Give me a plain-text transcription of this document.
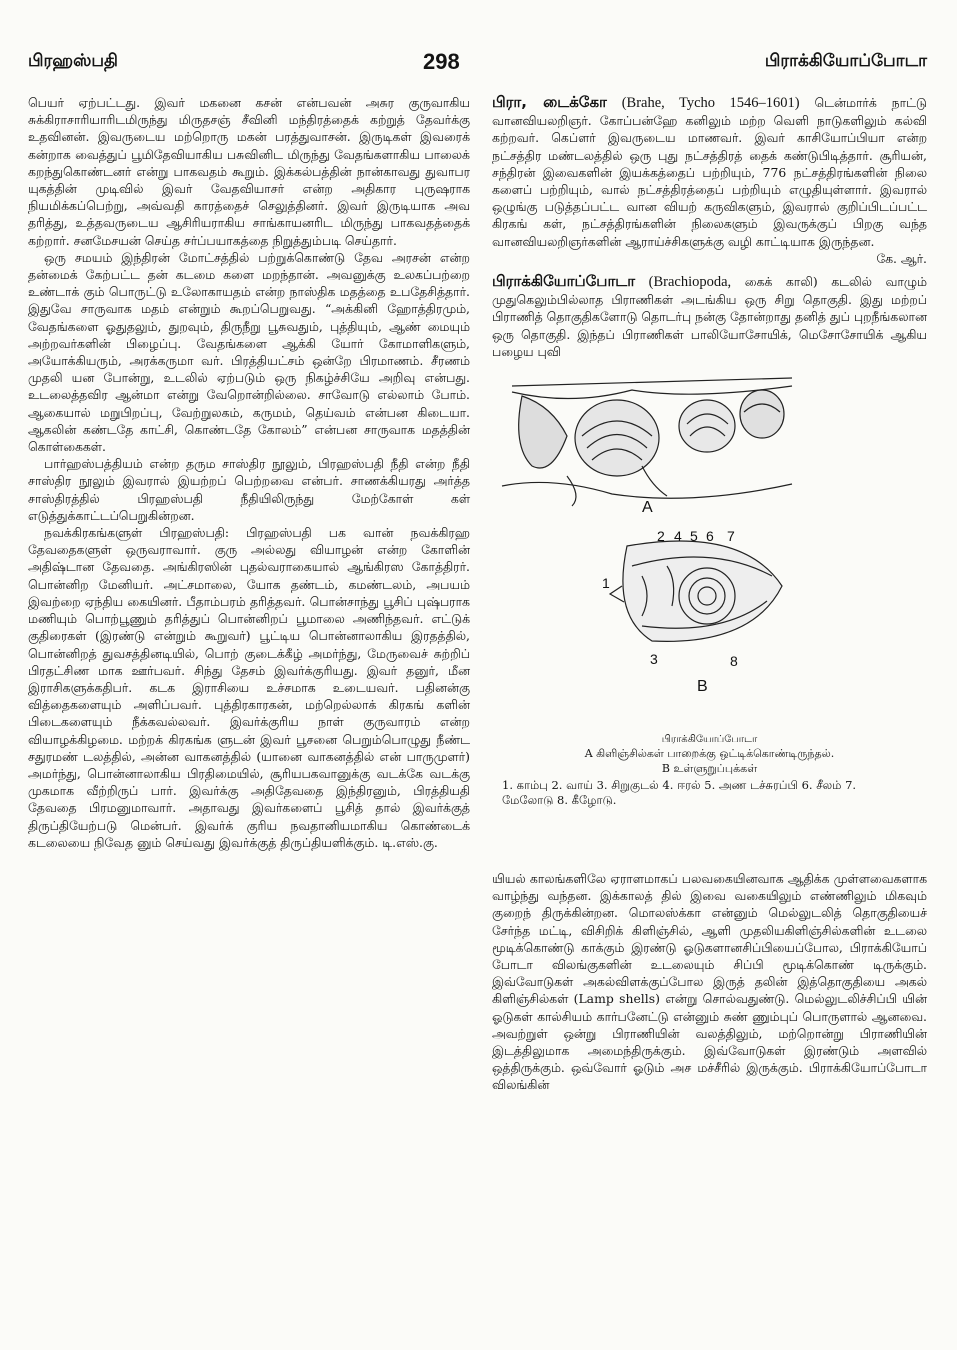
பிரஹஸ்பதி	298	பிராக்கியோப்போடா

பெயர் ஏற்பட்டது. இவர் மகனை கசன் என்பவன் அசுர குருவாகிய சுக்கிராசாரியாரிடமிருந்து மிருதசஞ் சீவினி மந்திரத்தைக் கற்றுத் தேவர்க்கு உதவினன். இவருடைய மற்றொரு மகன் பரத்துவாசன். இருடிகள் இவரைக் கன்றாக வைத்துப் பூமிதேவியாகிய பசுவினிட மிருந்து வேதங்களாகிய பாலைக் கறந்துகொண்டனர் என்று பாகவதம் கூறும். இக்கல்பத்தின் நான்காவது துவாபர யுகத்தின் முடிவில் இவர் வேதவியாசர் என்ற அதிகார புருஷராக நியமிக்கப்பெற்று, அவ்வதி காரத்தைச் செலுத்தினர். இவர் இருடியாக அவ தரித்து, உத்தவருடைய ஆசிரியராகிய சாங்காயனரிட மிருந்து பாகவதத்தைக் கற்றார். சனமேசயன் செய்த சர்ப்பயாகத்தை நிறுத்தும்படி செய்தார்.

ஒரு சமயம் இந்திரன் மோட்சத்தில் பற்றுக்கொண்டு தேவ அரசன் என்ற தன்மைக் கேற்பட்ட தன் கடமை களை மறந்தான். அவனுக்கு உலகப்பற்றை உண்டாக் கும் பொருட்டு உலோகாயதம் என்ற நாஸ்திக மதத்தை உபதேசித்தார். இதுவே சாருவாக மதம் என்றும் கூறப்பெறுவது. “அக்கினி ஹோத்திரமும், வேதங்களை ஓதுதலும், துறவும், திருநீறு பூசுவதும், புத்தியும், ஆண் மையும் அற்றவர்களின் பிழைப்பு. வேதங்களை ஆக்கி யோர் கோமாளிகளும், அயோக்கியரும், அரக்கருமா வர். பிரத்தியட்சம் ஒன்றே பிரமாணம். சீரணம் முதலி யன போன்று, உடலில் ஏற்படும் ஒரு நிகழ்ச்சியே அறிவு என்பது. உடலைத்தவிர ஆன்மா என்று வேறொன்றில்லை. சாவோடு எல்லாம் போம். ஆகையால் மறுபிறப்பு, வேற்றுலகம், கருமம், தெய்வம் என்பன கிடையா. ஆகலின் கண்டதே காட்சி, கொண்டதே கோலம்” என்பன சாருவாக மதத்தின் கொள்கைகள்.

பார்ஹஸ்பத்தியம் என்ற தரும சாஸ்திர நூலும், பிரஹஸ்பதி நீதி என்ற நீதி சாஸ்திர நூலும் இவரால் இயற்றப் பெற்றவை என்பர். சாணக்கியரது அர்த்த சாஸ்திரத்தில் பிரஹஸ்பதி நீதியிலிருந்து மேற்கோள் கள் எடுத்துக்காட்டப்பெறுகின்றன.

நவக்கிரகங்களுள் பிரஹஸ்பதி: பிரஹஸ்பதி பக வான் நவக்கிரஹ தேவதைகளுள் ஒருவராவார். குரு அல்லது வியாழன் என்ற கோளின் அதிஷ்டான தேவதை. அங்கிரஸின் புதல்வராகையால் ஆங்கிரஸ கோத்திரர். பொன்னிற மேனியர். அட்சமாலை, யோக தண்டம், கமண்டலம், அபயம் இவற்றை ஏந்திய கையினர். பீதாம்பரம் தரித்தவர். பொன்சாந்து பூசிப் புஷ்பராக மணியும் பொற்பூணும் தரித்துப் பொன்னிறப் பூமாலை அணிந்தவர். எட்டுக் குதிரைகள் (இரண்டு என்றும் கூறுவர்) பூட்டிய பொன்னாலாகிய இரதத்தில், பொன்னிறத் துவசத்தினடியில், பொற் குடைக்கீழ் அமர்ந்து, மேருவைச் சுற்றிப் பிரதட்சிண மாக ஊர்பவர். சிந்து தேசம் இவர்க்குரியது. இவர் தனுர், மீன இராசிகளுக்கதிபர். கடக இராசியை உச்சமாக உடையவர். பதினன்கு வித்தைகளையும் அளிப்பவர். புத்திரகாரகன், மற்றெல்லாக் கிரகங் களின் பிடைகளையும் நீக்கவல்லவர். இவர்க்குரிய நாள் குருவாரம் என்ற வியாழக்கிழமை. மற்றக் கிரகங்க ளுடன் இவர் பூசனை பெறும்பொழுது நீண்ட சதுரமண் டலத்தில், அன்ன வாகனத்தில் (யானை வாகனத்தில் என் பாருமுளர்) அமர்ந்து, பொன்னாலாகிய பிரதிமையில், சூரியபகவானுக்கு வடக்கே வடக்கு முகமாக வீற்றிருப் பார். இவர்க்கு அதிதேவதை இந்திரனும், பிரத்தியதி தேவதை பிரமனுமாவார். அதாவது இவர்களைப் பூசித் தால் இவர்க்குத் திருப்தியேற்படு மென்பர். இவர்க் குரிய நவதானியமாகிய கொண்டைக் கடலையை நிவேத னும் செய்வது இவர்க்குத் திருப்தியளிக்கும். டி.எஸ்.கு.

பிரா, டைக்கோ (Brahe, Tycho 1546–1601) டென்மார்க் நாட்டு வானவியலறிஞர். கோப்பன்ஹே கனிலும் மற்ற வெளி நாடுகளிலும் கல்வி கற்றவர். கெப்ளர் இவருடைய மாணவர். இவர் காசியோப்பியா என்ற நட்சத்திர மண்டலத்தில் ஒரு புது நட்சத்திரத் தைக் கண்டுபிடித்தார். சூரியன், சந்திரன் இவைகளின் இயக்கத்தைப் பற்றியும், 776 நட்சத்திரங்களின் நிலை களைப் பற்றியும், வால் நட்சத்திரத்தைப் பற்றியும் எழுதியுள்ளார். இவரால் ஒழுங்கு படுத்தப்பட்ட வான வியற் கருவிகளும், இவரால் குறிப்பிடப்பட்ட கிரகங் கள், நட்சத்திரங்களின் நிலைகளும் இவருக்குப் பிறகு வந்த வானவியலறிஞர்களின் ஆராய்ச்சிகளுக்கு வழி காட்டியாக இருந்தன.

கே. ஆர்.

பிராக்கியோப்போடா (Brachiopoda, கைக் காலி) கடலில் வாழும் முதுகெலும்பில்லாத பிராணிகள் அடங்கிய ஒரு சிறு தொகுதி. இது மற்றப் பிராணித் தொகுதிகளோடு தொடர்பு நன்கு தோன்றாது தனித் துப் புறநீங்கலான ஒரு தொகுதி. இந்தப் பிராணிகள் பாலியோசோயிக், மெசோசோயிக் ஆகிய பழைய புவி

A
2
1
3
4 5 6 7
8
B
பிராக்கியோப்போடா
A கிளிஞ்சில்கள் பாறைக்கு ஒட்டிக்கொண்டிருந்தல்.
B உள்ளுறுப்புக்கள்
1. காம்பு 2. வாய் 3. சிறுகுடல் 4. ஈரல் 5. அண டச்சுரப்பி 6. சீலம் 7. மேலோடு 8. கீழோடு.

யியல் காலங்களிலே ஏராளமாகப் பலவகையினவாக ஆதிக்க முள்ளவைகளாக வாழ்ந்து வந்தன. இக்காலத் தில் இவை வகையிலும் எண்ணிலும் மிகவும் குறைந் திருக்கின்றன. மொலஸ்க்கா என்னும் மெல்லுடலித் தொகுதியைச் சேர்ந்த மட்டி, விசிறிக் கிளிஞ்சில், ஆளி முதலியகிளிஞ்சில்களின் உடலை மூடிக்கொண்டு காக்கும் இரண்டு ஓடுகளானசிப்பியைப்போல, பிராக்கியோப் போடா விலங்குகளின் உடலையும் சிப்பி மூடிக்கொண் டிருக்கும். இவ்வோடுகள் அகல்விளக்குப்போல இருத் தலின் இத்தொகுதியை அகல் கிளிஞ்சில்கள் (Lamp shells) என்று சொல்வதுண்டு. மெல்லுடலிச்சிப்பி யின் ஓடுகள் கால்சியம் கார்பனேட்டு என்னும் சுண் ணும்புப் பொருளால் ஆனவை. அவற்றுள் ஒன்று பிராணியின் வலத்திலும், மற்றொன்று பிராணியின் இடத்திலுமாக அமைந்திருக்கும். இவ்வோடுகள் இரண்டும் அளவில் ஒத்திருக்கும். ஒவ்வோர் ஓடும் அச மச்சீரில் இருக்கும். பிராக்கியோப்போடா விலங்கின்
